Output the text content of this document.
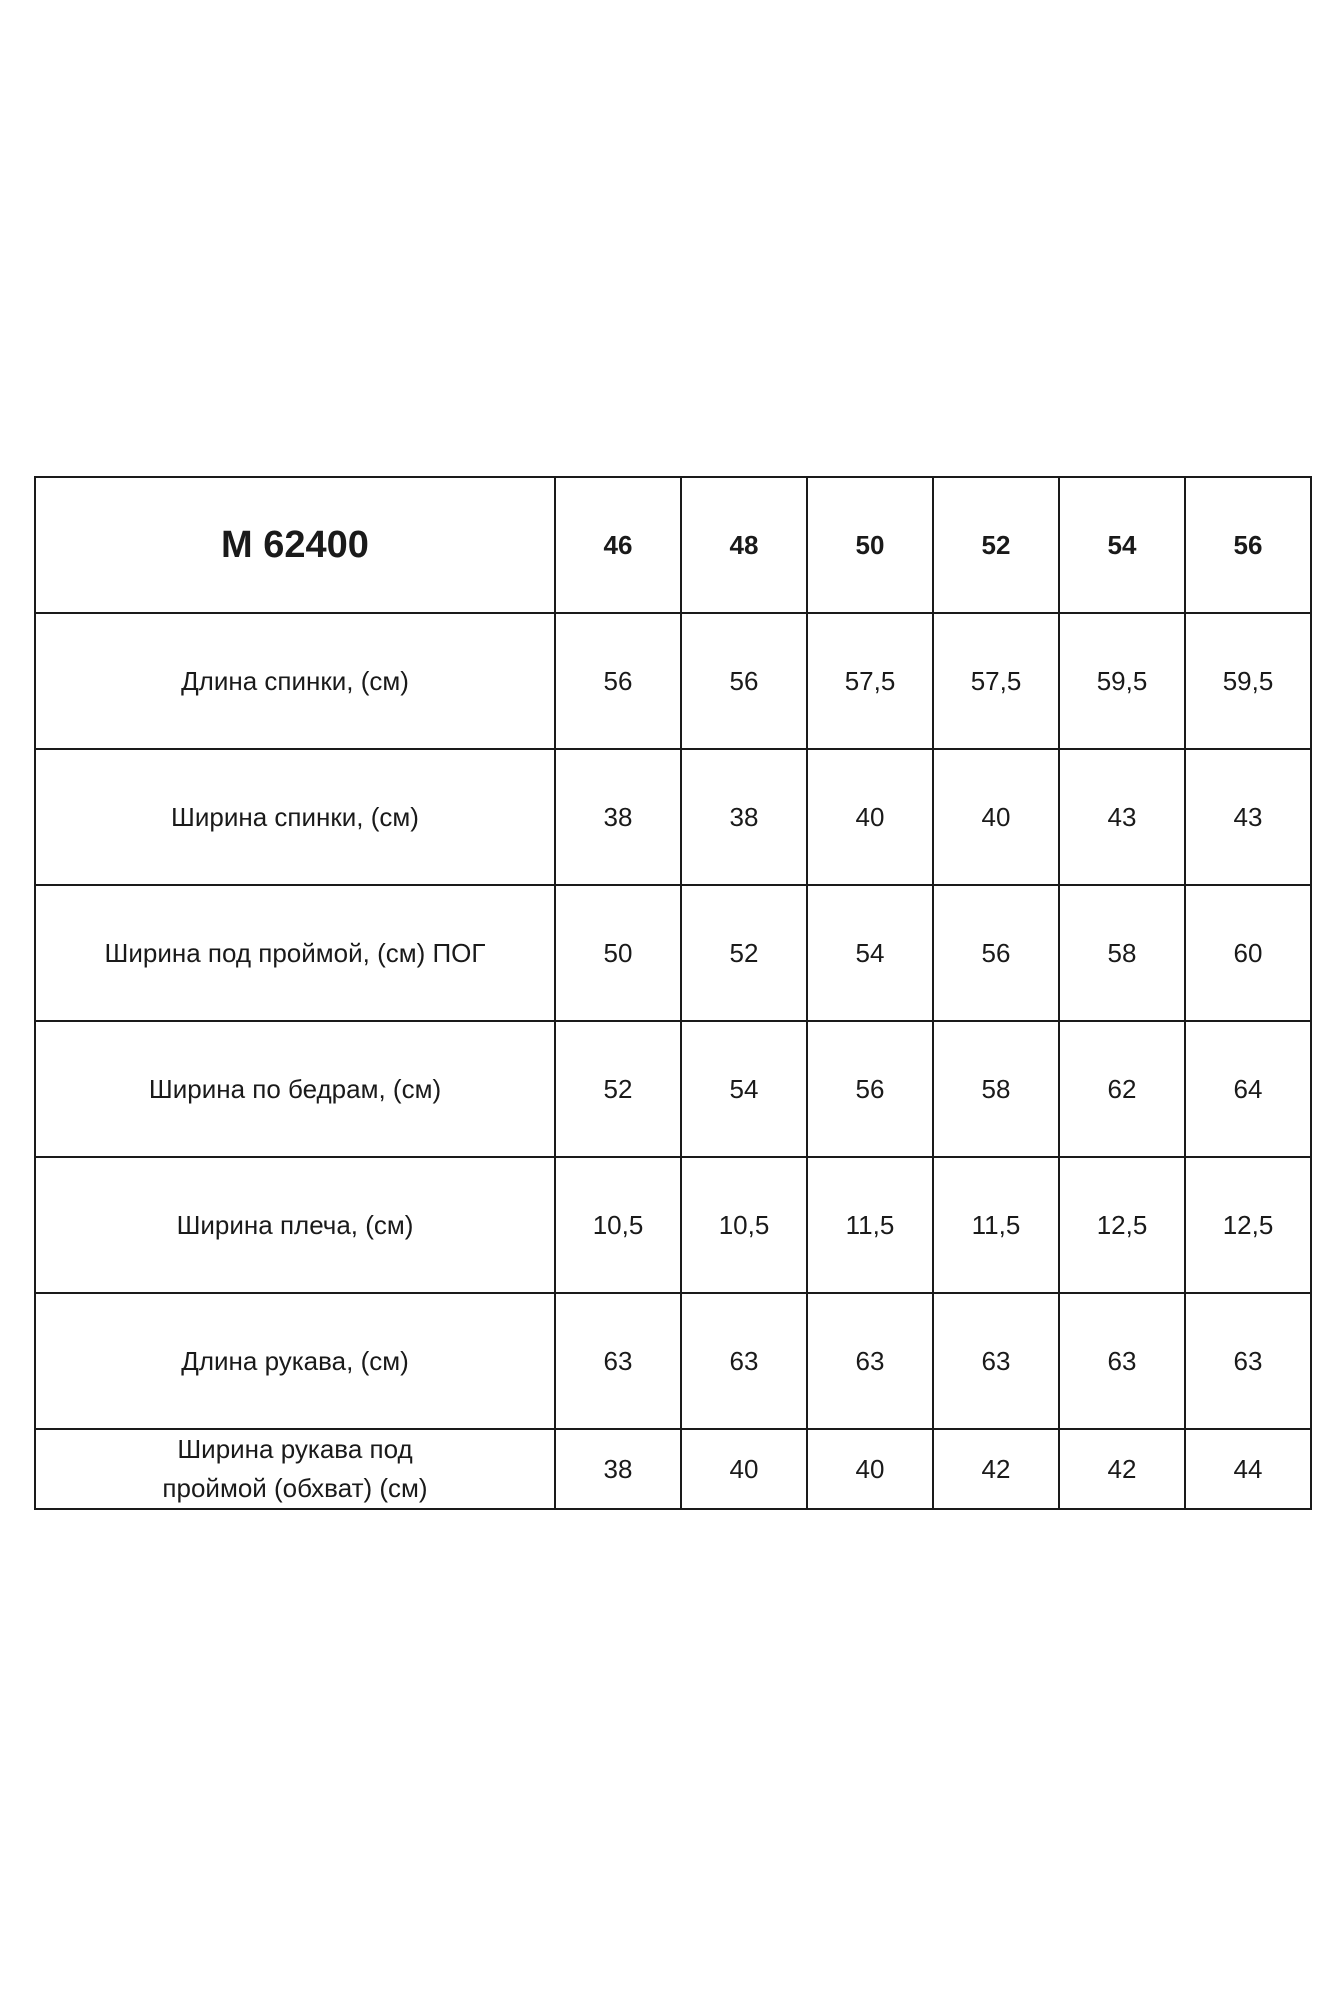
М 62400	46	48	50	52	54	56
Длина спинки, (см)	56	56	57,5	57,5	59,5	59,5
Ширина спинки, (см)	38	38	40	40	43	43
Ширина под проймой, (см) ПОГ	50	52	54	56	58	60
Ширина по бедрам, (см)	52	54	56	58	62	64
Ширина плеча, (см)	10,5	10,5	11,5	11,5	12,5	12,5
Длина рукава, (см)	63	63	63	63	63	63
Ширина рукава под
проймой (обхват) (см)	38	40	40	42	42	44
